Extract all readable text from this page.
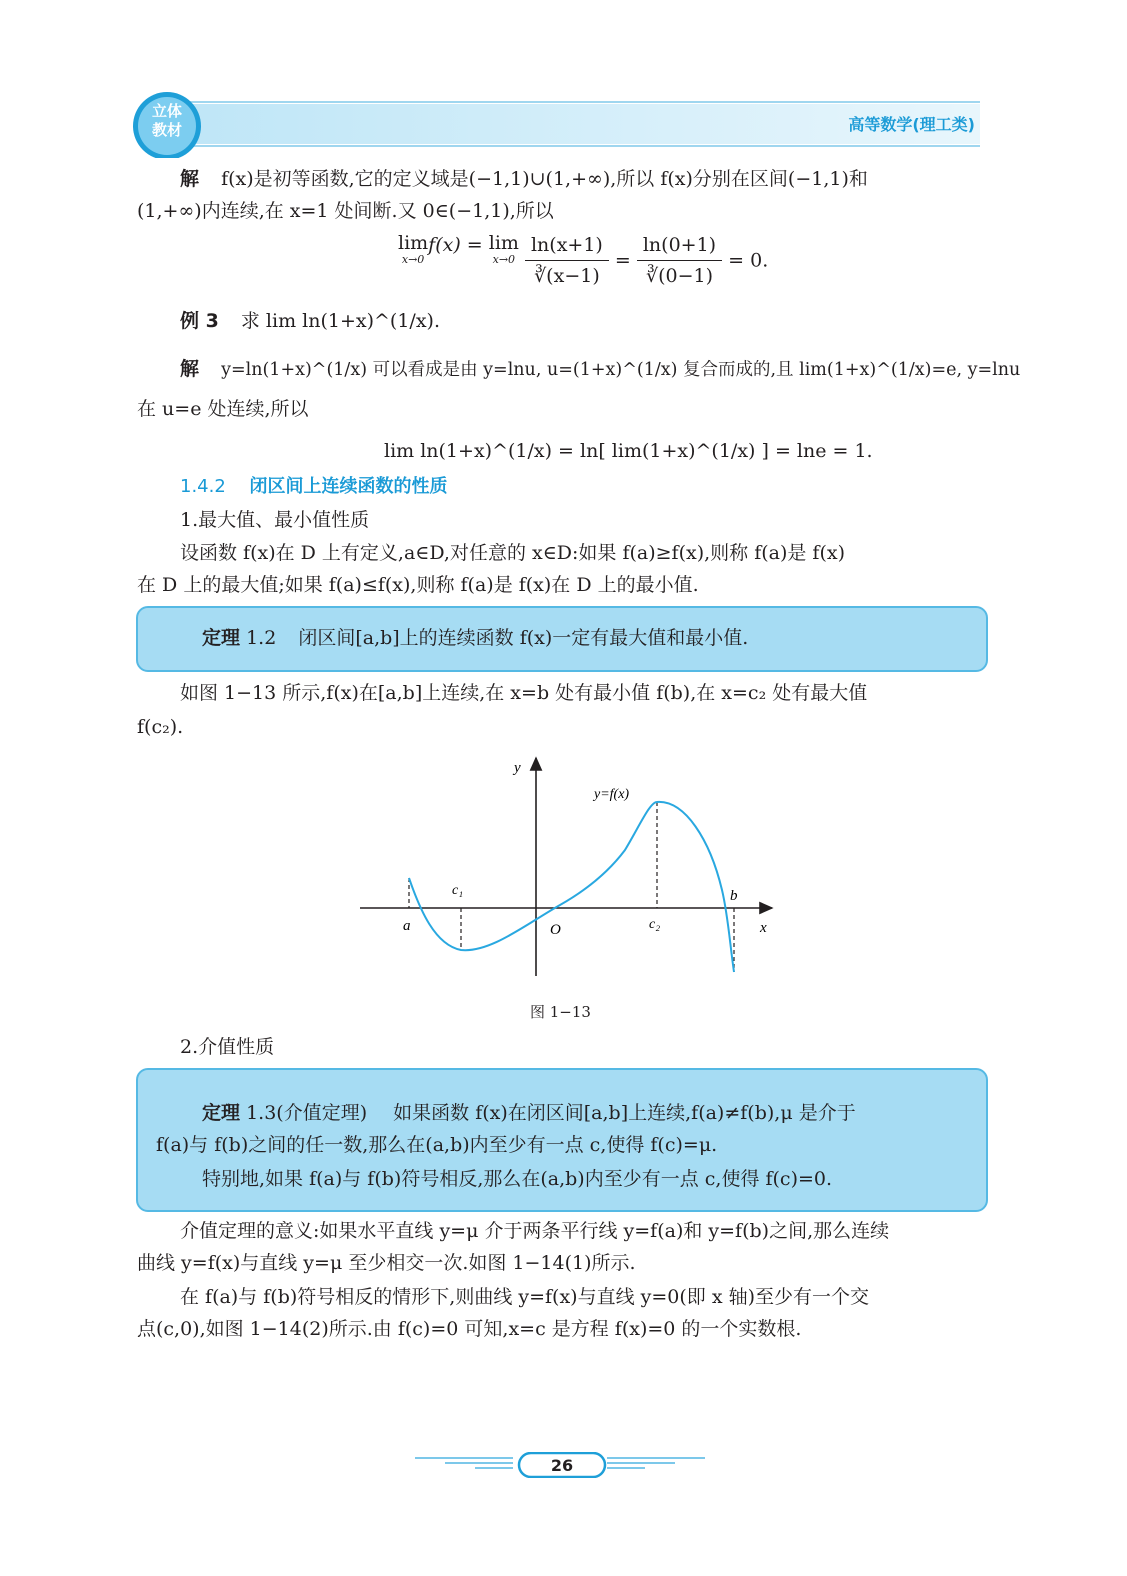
立体
教材	高等数学(理工类)
解 f(x)是初等函数,它的定义域是(−1,1)∪(1,+∞),所以 f(x)分别在区间(−1,1)和
(1,+∞)内连续,在 x=1 处间断.又 0∈(−1,1),所以
lim
x→0
f(x) = lim
x→0
$\frac{\ln(x+1)}{∛(x-1)} = \frac{\ln(0+1)}{∛(0-1)} = 0$.
例 3 求 lim ln(1+x)^(1/x).
解 y=ln(1+x)^(1/x) 可以看成是由 y=lnu, u=(1+x)^(1/x) 复合而成的,且 lim(1+x)^(1/x)=e, y=lnu
在 u=e 处连续,所以
lim ln(1+x)^(1/x) = ln[ lim(1+x)^(1/x) ] = lne = 1.
1.4.2 闭区间上连续函数的性质
1.最大值、最小值性质
设函数 f(x)在 D 上有定义,a∈D,对任意的 x∈D:如果 f(a)≥f(x),则称 f(a)是 f(x)
在 D 上的最大值;如果 f(a)≤f(x),则称 f(a)是 f(x)在 D 上的最小值.
定理 1.2 闭区间[a,b]上的连续函数 f(x)一定有最大值和最小值.
如图 1−13 所示,f(x)在[a,b]上连续,在 x=b 处有最小值 f(b),在 x=c₂ 处有最大值
f(c₂).
y
x
O
a
b
c₁
c₂
y=f(x)
图 1−13
2.介值性质
定理 1.3(介值定理) 如果函数 f(x)在闭区间[a,b]上连续,f(a)≠f(b),μ 是介于
f(a)与 f(b)之间的任一数,那么在(a,b)内至少有一点 c,使得 f(c)=μ.
特别地,如果 f(a)与 f(b)符号相反,那么在(a,b)内至少有一点 c,使得 f(c)=0.
介值定理的意义:如果水平直线 y=μ 介于两条平行线 y=f(a)和 y=f(b)之间,那么连续
曲线 y=f(x)与直线 y=μ 至少相交一次.如图 1−14(1)所示.
在 f(a)与 f(b)符号相反的情形下,则曲线 y=f(x)与直线 y=0(即 x 轴)至少有一个交
点(c,0),如图 1−14(2)所示.由 f(c)=0 可知,x=c 是方程 f(x)=0 的一个实数根.
26
